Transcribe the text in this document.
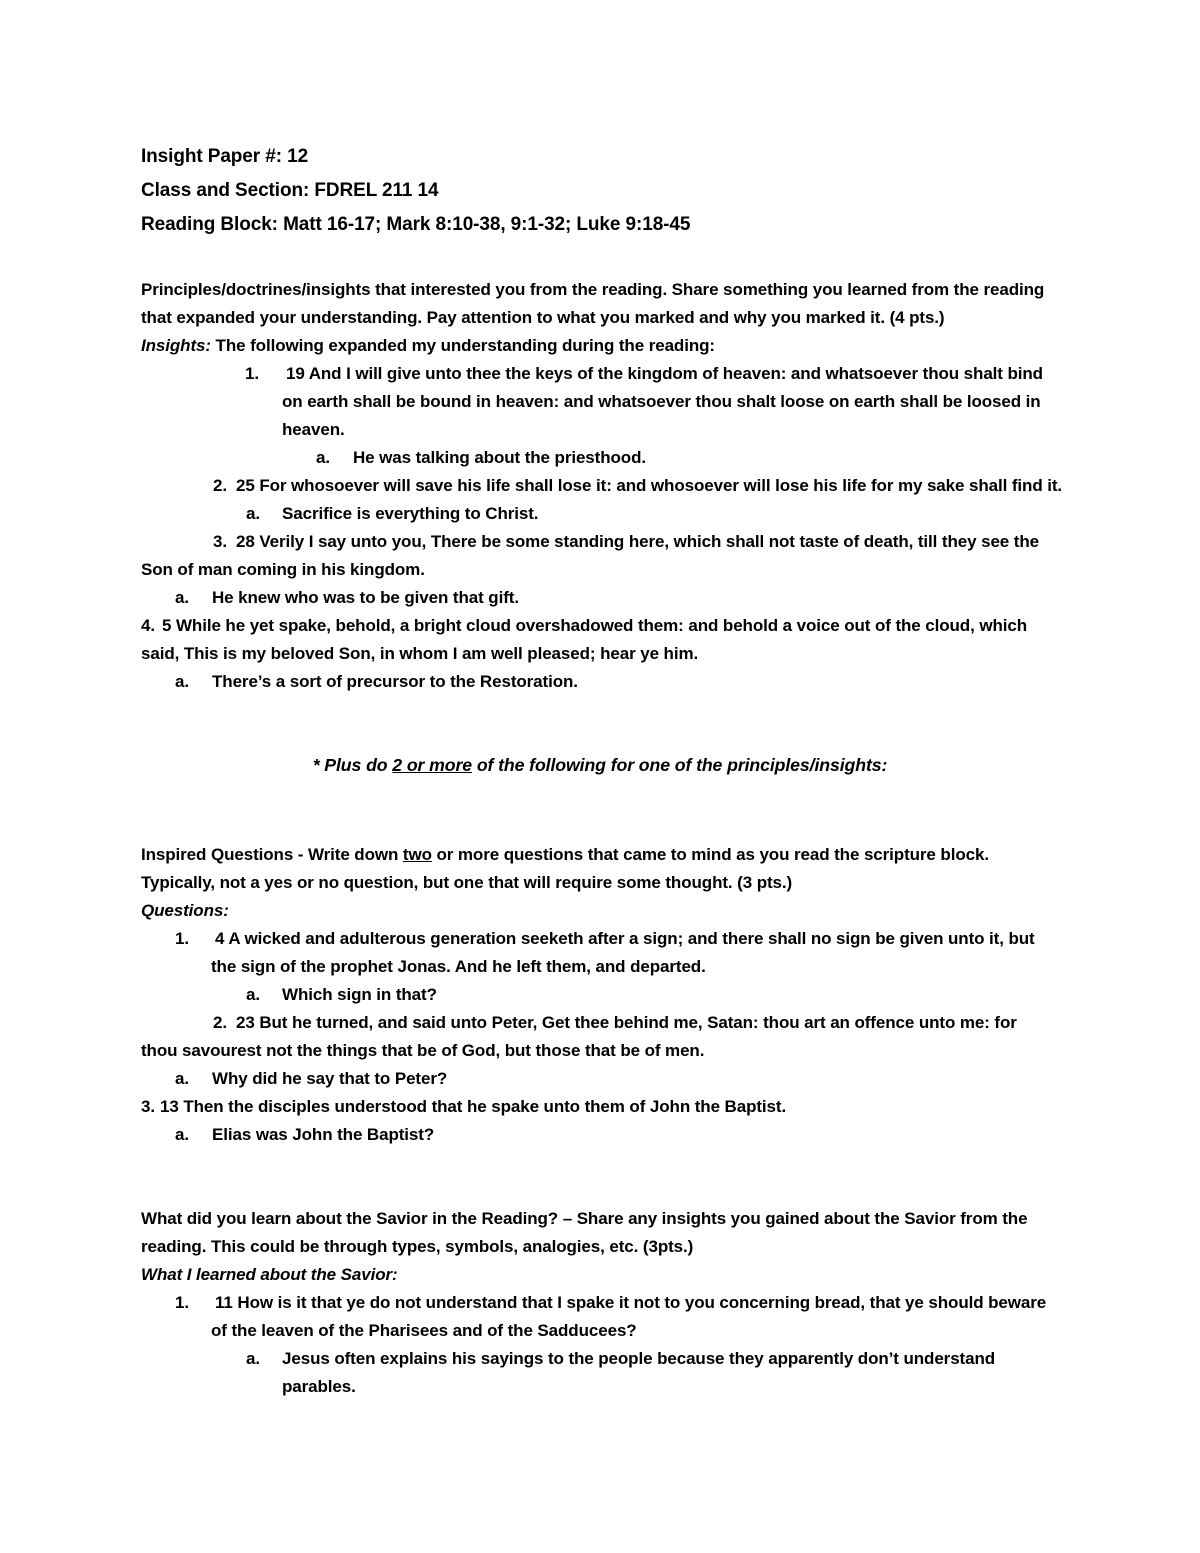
Insight Paper #: 12
Class and Section: FDREL 211 14
Reading Block: Matt 16-17; Mark 8:10-38, 9:1-32; Luke 9:18-45
Principles/doctrines/insights that interested you from the reading. Share something you learned from the reading
that expanded your understanding. Pay attention to what you marked and why you marked it. (4 pts.)
Insights: The following expanded my understanding during the reading:
1. 19 And I will give unto thee the keys of the kingdom of heaven: and whatsoever thou shalt bind
on earth shall be bound in heaven: and whatsoever thou shalt loose on earth shall be loosed in
heaven.
a. He was talking about the priesthood.
2. 25 For whosoever will save his life shall lose it: and whosoever will lose his life for my sake shall find it.
a. Sacrifice is everything to Christ.
3. 28 Verily I say unto you, There be some standing here, which shall not taste of death, till they see the
Son of man coming in his kingdom.
a. He knew who was to be given that gift.
4. 5 While he yet spake, behold, a bright cloud overshadowed them: and behold a voice out of the cloud, which
said, This is my beloved Son, in whom I am well pleased; hear ye him.
a. There’s a sort of precursor to the Restoration.
* Plus do 2 or more of the following for one of the principles/insights:
Inspired Questions - Write down two or more questions that came to mind as you read the scripture block.
Typically, not a yes or no question, but one that will require some thought. (3 pts.)
Questions:
1. 4 A wicked and adulterous generation seeketh after a sign; and there shall no sign be given unto it, but
the sign of the prophet Jonas. And he left them, and departed.
a. Which sign in that?
2. 23 But he turned, and said unto Peter, Get thee behind me, Satan: thou art an offence unto me: for
thou savourest not the things that be of God, but those that be of men.
a. Why did he say that to Peter?
3. 13 Then the disciples understood that he spake unto them of John the Baptist.
a. Elias was John the Baptist?
What did you learn about the Savior in the Reading? – Share any insights you gained about the Savior from the
reading. This could be through types, symbols, analogies, etc. (3pts.)
What I learned about the Savior:
1. 11 How is it that ye do not understand that I spake it not to you concerning bread, that ye should beware
of the leaven of the Pharisees and of the Sadducees?
a. Jesus often explains his sayings to the people because they apparently don’t understand
parables.
